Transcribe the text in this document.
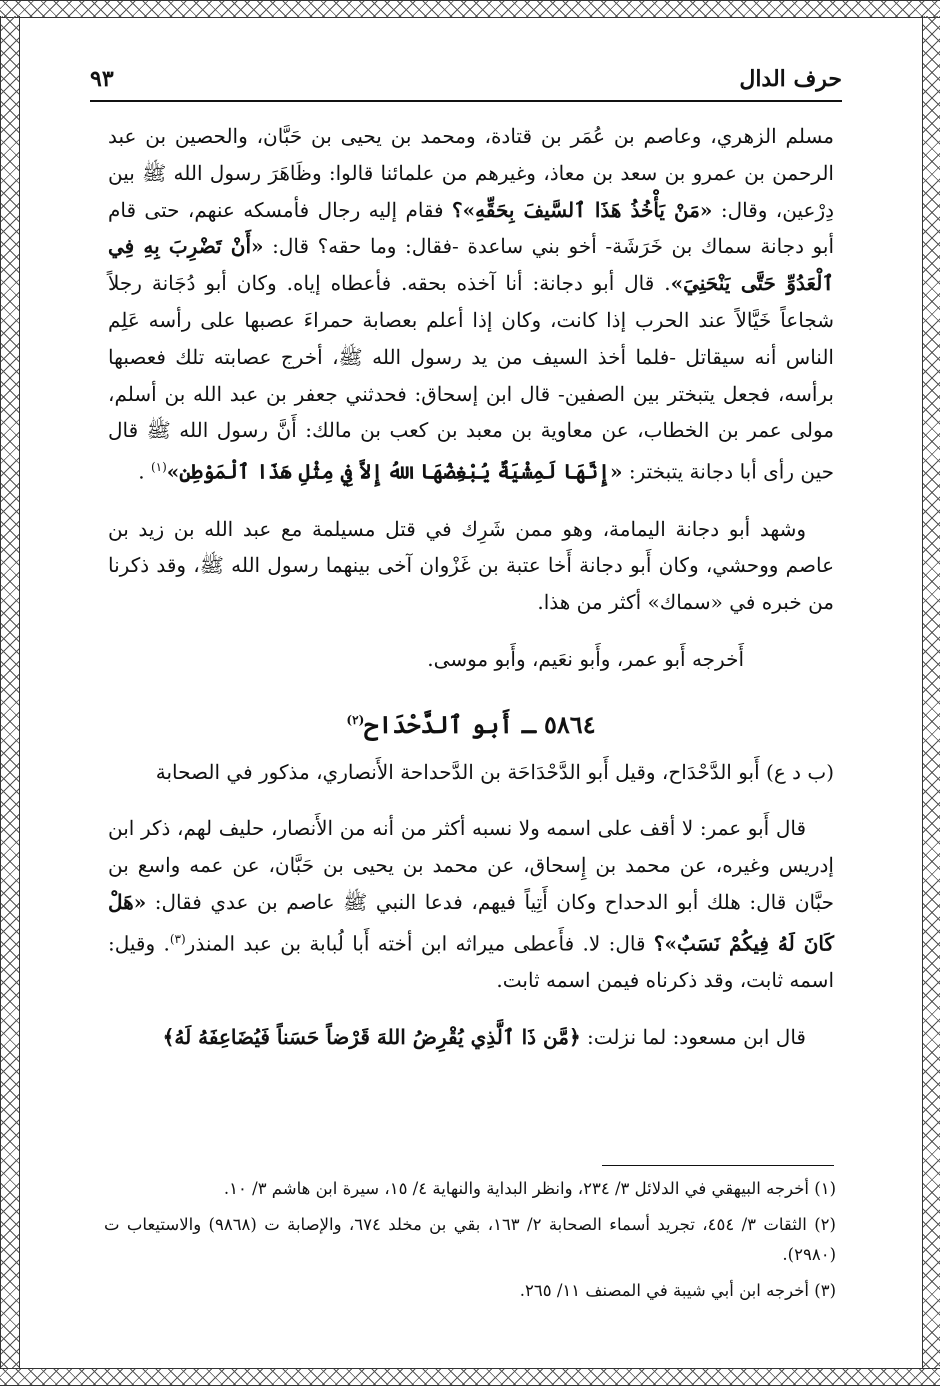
حرف الدال
٩٣

مسلم الزهري، وعاصم بن عُمَر بن قتادة، ومحمد بن يحيى بن حَبَّان، والحصين بن عبد الرحمن بن عمرو بن سعد بن معاذ، وغيرهم من علمائنا قالوا: وظَاهَرَ رسول الله ﷺ بين دِرْعين، وقال: «مَنْ يَأْخُذُ هَذَا ٱلسَّيفَ بِحَقِّهِ»؟ فقام إليه رجال فأمسكه عنهم، حتى قام أبو دجانة سماك بن خَرَشَة- أخو بني ساعدة -فقال: وما حقه؟ قال: «أَنْ تَضْرِبَ بِهِ فِي ٱلْعَدُوِّ حَتَّى يَنْحَنِيَ». قال أبو دجانة: أنا آخذه بحقه. فأعطاه إياه. وكان أبو دُجَانة رجلاً شجاعاً خَيَّالاً عند الحرب إذا كانت، وكان إذا أعلم بعصابة حمراءَ عصبها على رأسه عَلِم الناس أنه سيقاتل -فلما أخذ السيف من يد رسول الله ﷺ، أخرج عصابته تلك فعصبها برأسه، فجعل يتبختر بين الصفين- قال ابن إسحاق: فحدثني جعفر بن عبد الله بن أسلم، مولى عمر بن الخطاب، عن معاوية بن معبد بن كعب بن مالك: أَنَّ رسول الله ﷺ قال حين رأى أبا دجانة يتبختر: «إِنَّهَا لَمِشْيَةٌ يُبْغِضُهَا اللهُ إِلاَّ فِي مِثْلِ هَذَا ٱلْمَوْطِنِ»$^{(١)}$ .

وشهد أبو دجانة اليمامة، وهو ممن شَرِك في قتل مسيلمة مع عبد الله بن زيد بن عاصم ووحشي، وكان أَبو دجانة أَخا عتبة بن غَزْوان آخى بينهما رسول الله ﷺ، وقد ذكرنا من خبره في «سماك» أكثر من هذا.

أَخرجه أَبو عمر، وأَبو نعَيم، وأَبو موسى.

٥٨٦٤ ـ أَبو ٱلدَّحْدَاح$^{(٢)}$

(ب د ع) أَبو الدَّحْدَاح، وقيل أَبو الدَّحْدَاحَة بن الدَّحداحة الأَنصاري، مذكور في الصحابة

قال أَبو عمر: لا أقف على اسمه ولا نسبه أكثر من أنه من الأَنصار، حليف لهم، ذكر ابن إدريس وغيره، عن محمد بن إِسحاق، عن محمد بن يحيى بن حَبَّان، عن عمه واسع بن حبَّان قال: هلك أبو الدحداح وكان أَتِياً فيهم، فدعا النبي ﷺ عاصم بن عدي فقال: «هَلْ كَانَ لَهُ فِيكُمْ نَسَبٌ»؟ قال: لا. فأَعطى ميراثه ابن أخته أَبا لُبابة بن عبد المنذر$^{(٣)}$. وقيل: اسمه ثابت، وقد ذكرناه فيمن اسمه ثابت.

قال ابن مسعود: لما نزلت: ﴿مَّن ذَا ٱلَّذِي يُقْرِضُ اللهَ قَرْضاً حَسَناً فَيُضَاعِفَهُ لَهُ﴾

(١) أخرجه البيهقي في الدلائل ٣/ ٢٣٤، وانظر البداية والنهاية ٤/ ١٥، سيرة ابن هاشم ٣/ ١٠.

(٢) الثقات ٣/ ٤٥٤، تجريد أسماء الصحابة ٢/ ١٦٣، بقي بن مخلد ٦٧٤، والإصابة ت (٩٨٦٨) والاستيعاب ت (٢٩٨٠).

(٣) أخرجه ابن أبي شيبة في المصنف ١١/ ٢٦٥.
